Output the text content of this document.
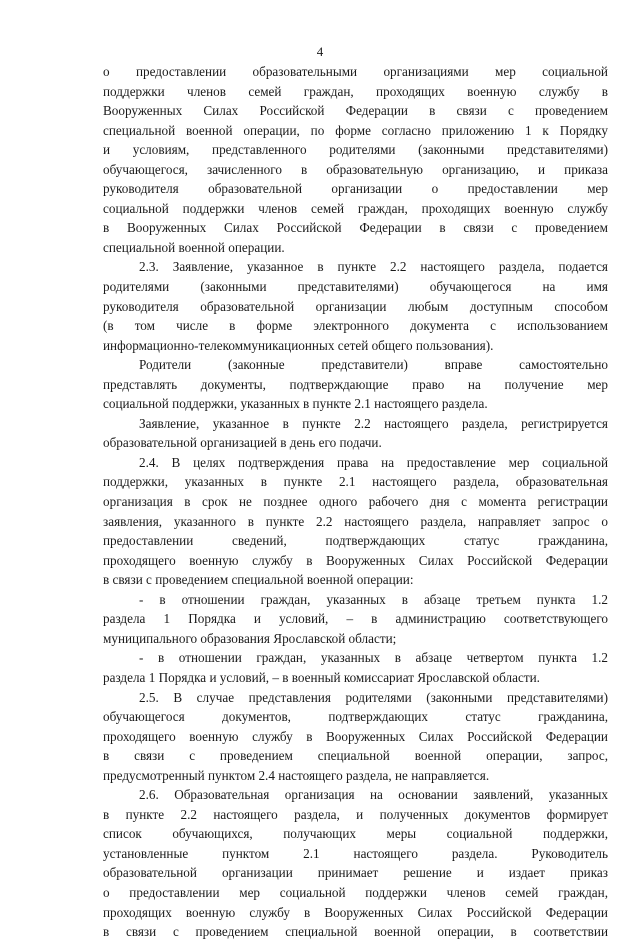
4
о предоставлении образовательными организациями мер социальной
поддержки членов семей граждан, проходящих военную службу в
Вооруженных Силах Российской Федерации в связи с проведением
специальной военной операции, по форме согласно приложению 1 к Порядку
и условиям, представленного родителями (законными представителями)
обучающегося, зачисленного в образовательную организацию, и приказа
руководителя образовательной организации о предоставлении мер
социальной поддержки членов семей граждан, проходящих военную службу
в Вооруженных Силах Российской Федерации в связи с проведением
специальной военной операции.
2.3. Заявление, указанное в пункте 2.2 настоящего раздела, подается
родителями (законными представителями) обучающегося на имя
руководителя образовательной организации любым доступным способом
(в том числе в форме электронного документа с использованием
информационно-телекоммуникационных сетей общего пользования).
Родители (законные представители) вправе самостоятельно
представлять документы, подтверждающие право на получение мер
социальной поддержки, указанных в пункте 2.1 настоящего раздела.
Заявление, указанное в пункте 2.2 настоящего раздела, регистрируется
образовательной организацией в день его подачи.
2.4. В целях подтверждения права на предоставление мер социальной
поддержки, указанных в пункте 2.1 настоящего раздела, образовательная
организация в срок не позднее одного рабочего дня с момента регистрации
заявления, указанного в пункте 2.2 настоящего раздела, направляет запрос о
предоставлении сведений, подтверждающих статус гражданина,
проходящего военную службу в Вооруженных Силах Российской Федерации
в связи с проведением специальной военной операции:
- в отношении граждан, указанных в абзаце третьем пункта 1.2
раздела 1 Порядка и условий, – в администрацию соответствующего
муниципального образования Ярославской области;
- в отношении граждан, указанных в абзаце четвертом пункта 1.2
раздела 1 Порядка и условий, – в военный комиссариат Ярославской области.
2.5. В случае представления родителями (законными представителями)
обучающегося документов, подтверждающих статус гражданина,
проходящего военную службу в Вооруженных Силах Российской Федерации
в связи с проведением специальной военной операции, запрос,
предусмотренный пунктом 2.4 настоящего раздела, не направляется.
2.6. Образовательная организация на основании заявлений, указанных
в пункте 2.2 настоящего раздела, и полученных документов формирует
список обучающихся, получающих меры социальной поддержки,
установленные пунктом 2.1 настоящего раздела. Руководитель
образовательной организации принимает решение и издает приказ
о предоставлении мер социальной поддержки членов семей граждан,
проходящих военную службу в Вооруженных Силах Российской Федерации
в связи с проведением специальной военной операции, в соответствии
